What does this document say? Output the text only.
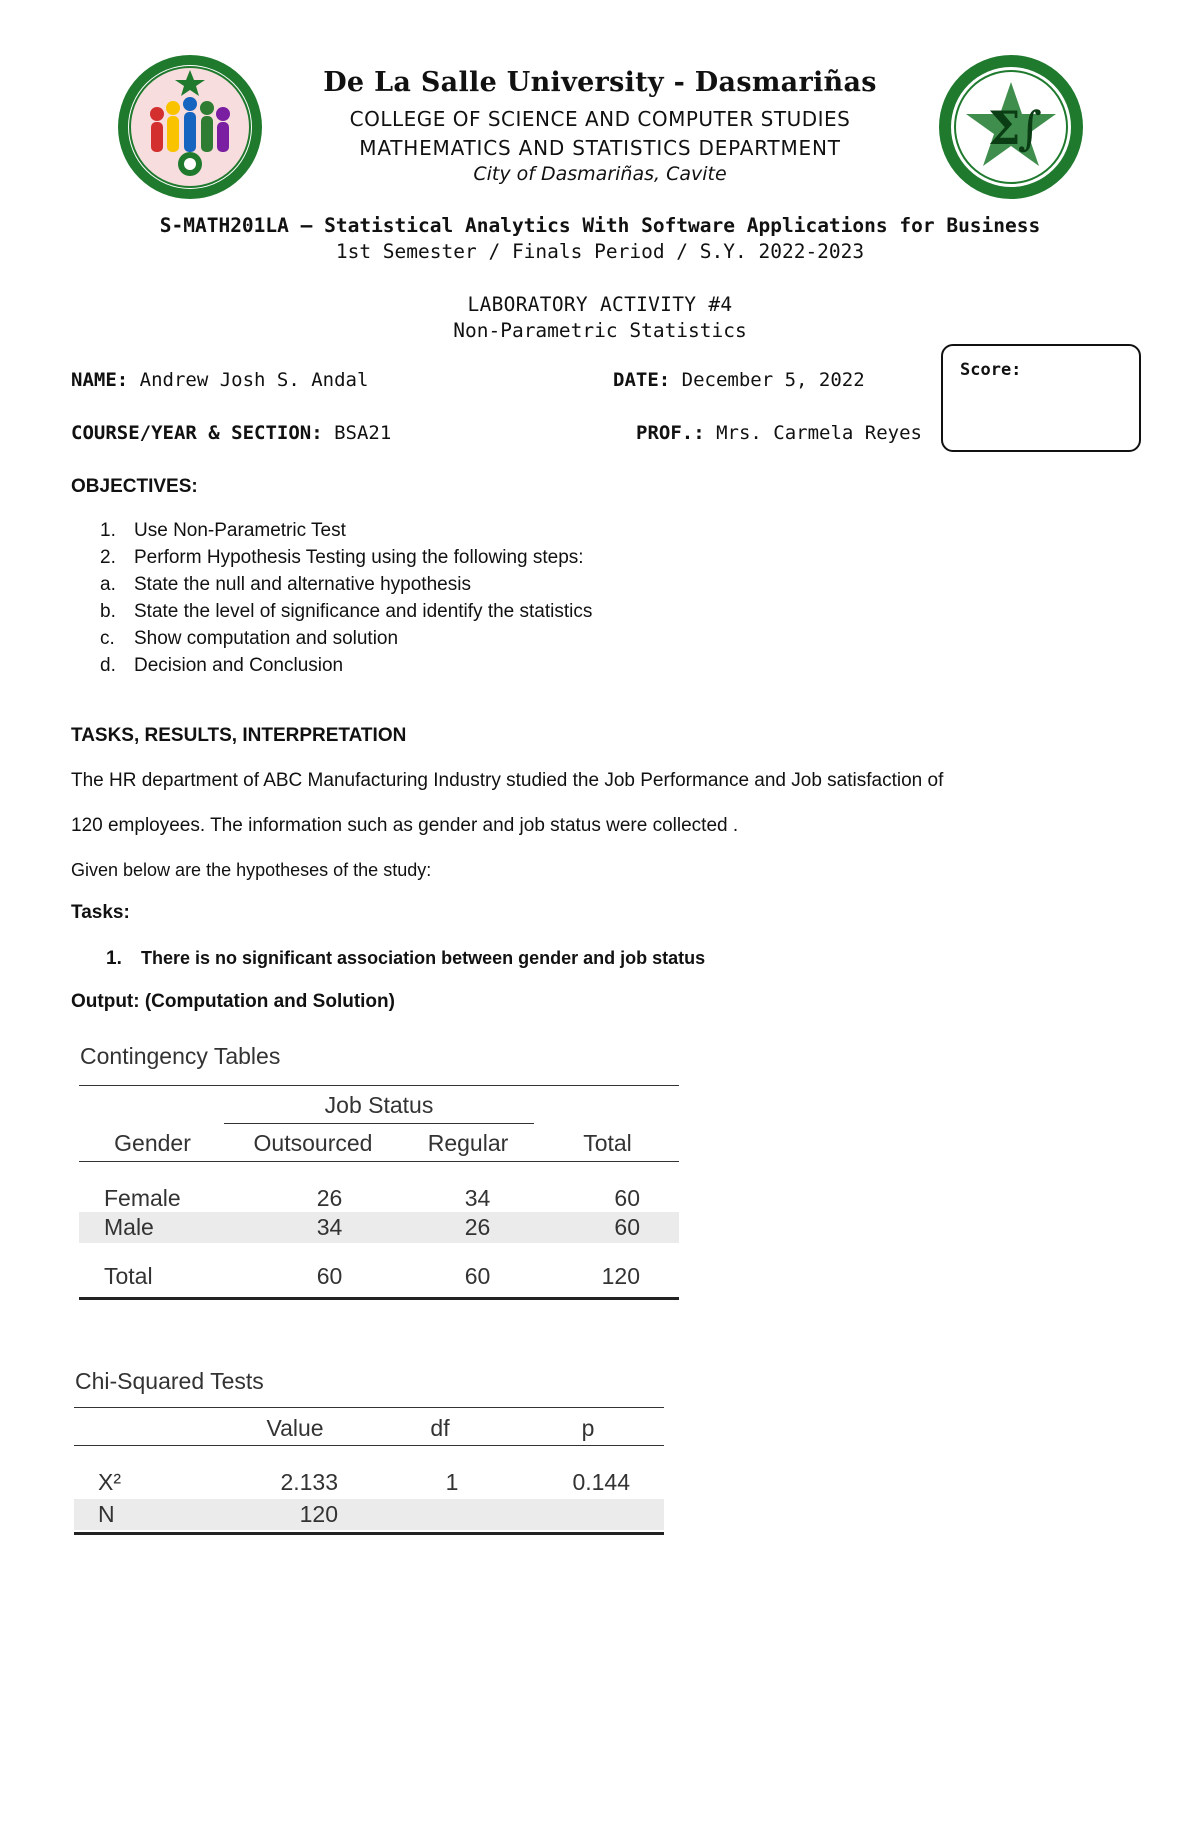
Σ
∫
De La Salle University - Dasmariñas
COLLEGE OF SCIENCE AND COMPUTER STUDIES
MATHEMATICS AND STATISTICS DEPARTMENT
City of Dasmariñas, Cavite
S-MATH201LA – Statistical Analytics With Software Applications for Business
1st Semester / Finals Period / S.Y. 2022-2023
LABORATORY ACTIVITY #4
Non-Parametric Statistics
NAME: Andrew Josh S. Andal	DATE: December 5, 2022
COURSE/YEAR & SECTION: BSA21	PROF.: Mrs. Carmela Reyes
Score:
OBJECTIVES:
1. Use Non-Parametric Test
2. Perform Hypothesis Testing using the following steps:
a. State the null and alternative hypothesis
b. State the level of significance and identify the statistics
c.	Show computation and solution
d. Decision and Conclusion
TASKS, RESULTS, INTERPRETATION
The HR department of ABC Manufacturing Industry studied the Job Performance and Job satisfaction of
120 employees. The information such as gender and job status were collected .
Given below are the hypotheses of the study:
Tasks:
1. There is no significant association between gender and job status
Output: (Computation and Solution)
Contingency Tables
Job Status
Gender	Outsourced	Regular	Total
Female	26	34	60
Male	34	26	60
Total	60	60	120
Chi-Squared Tests
Value	df	p
X²	2.133	1	0.144
N	120
